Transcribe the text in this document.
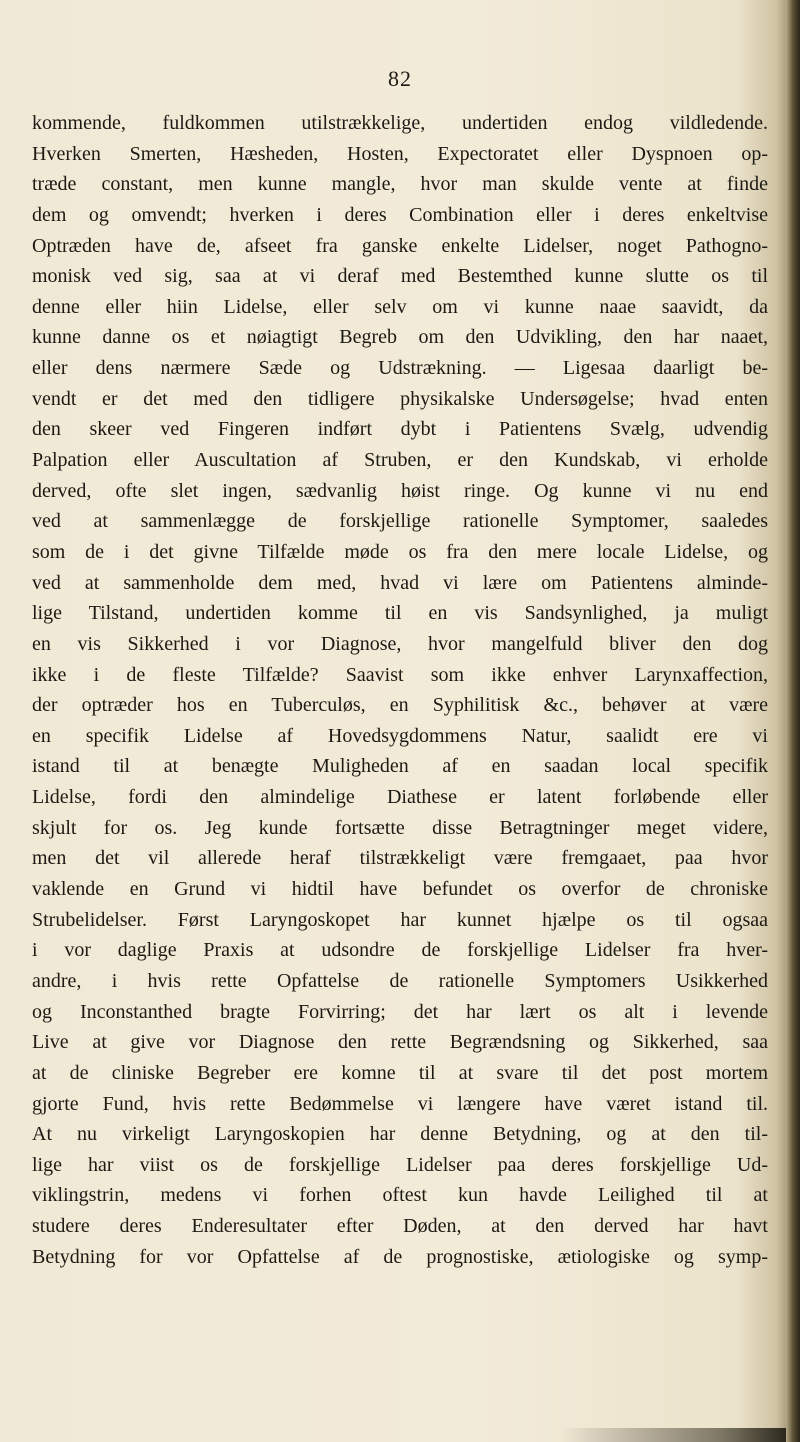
82
kommende, fuldkommen utilstrækkelige, undertiden endog vildledende.
Hverken Smerten, Hæsheden, Hosten, Expectoratet eller Dyspnoen op-
træde constant, men kunne mangle, hvor man skulde vente at finde
dem og omvendt; hverken i deres Combination eller i deres enkeltvise
Optræden have de, afseet fra ganske enkelte Lidelser, noget Pathogno-
monisk ved sig, saa at vi deraf med Bestemthed kunne slutte os til
denne eller hiin Lidelse, eller selv om vi kunne naae saavidt, da
kunne danne os et nøiagtigt Begreb om den Udvikling, den har naaet,
eller dens nærmere Sæde og Udstrækning. — Ligesaa daarligt be-
vendt er det med den tidligere physikalske Undersøgelse; hvad enten
den skeer ved Fingeren indført dybt i Patientens Svælg, udvendig
Palpation eller Auscultation af Struben, er den Kundskab, vi erholde
derved, ofte slet ingen, sædvanlig høist ringe. Og kunne vi nu end
ved at sammenlægge de forskjellige rationelle Symptomer, saaledes
som de i det givne Tilfælde møde os fra den mere locale Lidelse, og
ved at sammenholde dem med, hvad vi lære om Patientens alminde-
lige Tilstand, undertiden komme til en vis Sandsynlighed, ja muligt
en vis Sikkerhed i vor Diagnose, hvor mangelfuld bliver den dog
ikke i de fleste Tilfælde? Saavist som ikke enhver Larynxaffection,
der optræder hos en Tuberculøs, en Syphilitisk &c., behøver at være
en specifik Lidelse af Hovedsygdommens Natur, saalidt ere vi
istand til at benægte Muligheden af en saadan local specifik
Lidelse, fordi den almindelige Diathese er latent forløbende eller
skjult for os. Jeg kunde fortsætte disse Betragtninger meget videre,
men det vil allerede heraf tilstrækkeligt være fremgaaet, paa hvor
vaklende en Grund vi hidtil have befundet os overfor de chroniske
Strubelidelser. Først Laryngoskopet har kunnet hjælpe os til ogsaa
i vor daglige Praxis at udsondre de forskjellige Lidelser fra hver-
andre, i hvis rette Opfattelse de rationelle Symptomers Usikkerhed
og Inconstanthed bragte Forvirring; det har lært os alt i levende
Live at give vor Diagnose den rette Begrændsning og Sikkerhed, saa
at de cliniske Begreber ere komne til at svare til det post mortem
gjorte Fund, hvis rette Bedømmelse vi længere have været istand til.
At nu virkeligt Laryngoskopien har denne Betydning, og at den til-
lige har viist os de forskjellige Lidelser paa deres forskjellige Ud-
viklingstrin, medens vi forhen oftest kun havde Leilighed til at
studere deres Enderesultater efter Døden, at den derved har havt
Betydning for vor Opfattelse af de prognostiske, ætiologiske og symp-
